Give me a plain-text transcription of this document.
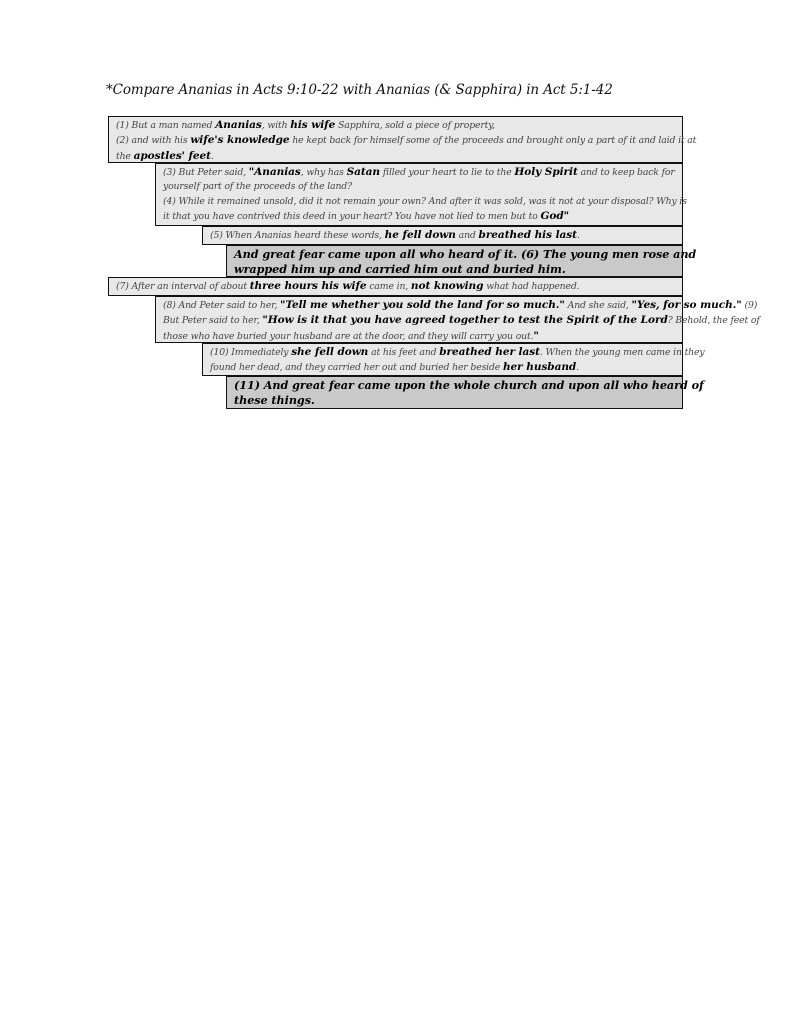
*Compare Ananias in Acts 9:10-22 with Ananias (& Sapphira) in Act 5:1-42
(1) But a man named Ananias, with his wife Sapphira, sold a piece of property,
(2) and with his wife's knowledge he kept back for himself some of the proceeds and brought only a part of it and laid it at
the apostles' feet.
(3) But Peter said, "Ananias, why has Satan filled your heart to lie to the Holy Spirit and to keep back for
yourself part of the proceeds of the land?
(4) While it remained unsold, did it not remain your own? And after it was sold, was it not at your disposal? Why is
it that you have contrived this deed in your heart? You have not lied to men but to God"
(5) When Ananias heard these words, he fell down and breathed his last.
And great fear came upon all who heard of it. (6) The young men rose and
wrapped him up and carried him out and buried him.
(7) After an interval of about three hours his wife came in, not knowing what had happened.
(8) And Peter said to her, "Tell me whether you sold the land for so much." And she said, "Yes, for so much." (9)
But Peter said to her, "How is it that you have agreed together to test the Spirit of the Lord? Behold, the feet of
those who have buried your husband are at the door, and they will carry you out."
(10) Immediately she fell down at his feet and breathed her last. When the young men came in they
found her dead, and they carried her out and buried her beside her husband.
(11) And great fear came upon the whole church and upon all who heard of
these things.
